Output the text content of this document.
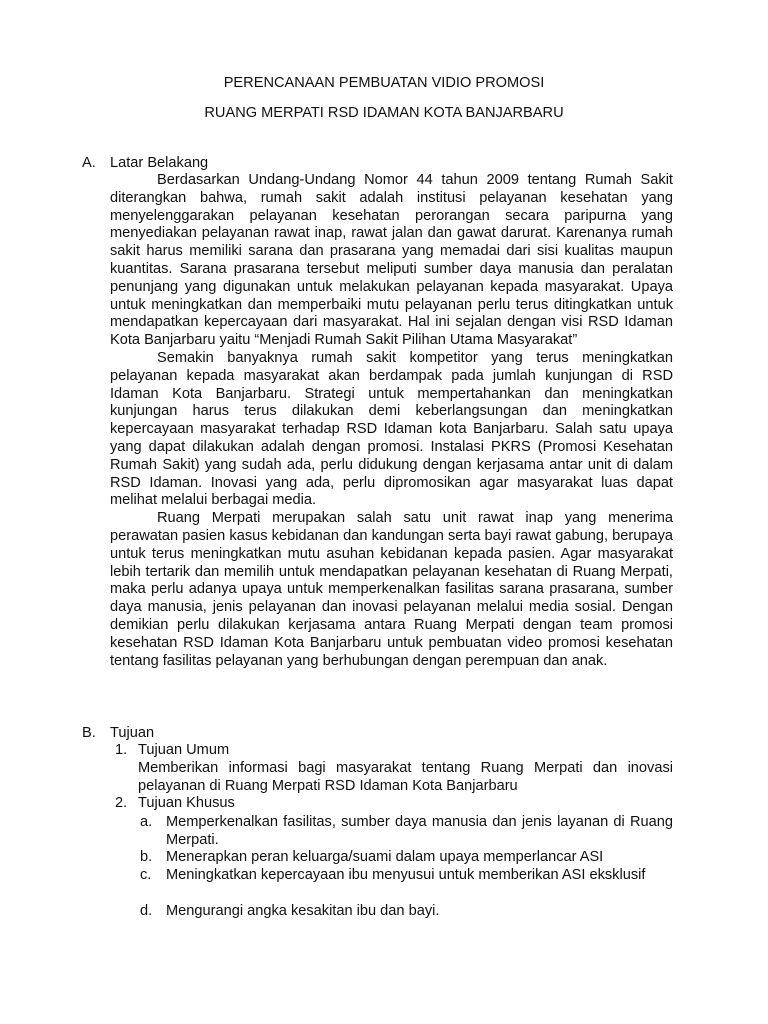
PERENCANAAN PEMBUATAN VIDIO PROMOSI
RUANG MERPATI RSD IDAMAN KOTA BANJARBARU
A. Latar Belakang

Berdasarkan Undang-Undang Nomor 44 tahun 2009 tentang Rumah Sakit diterangkan bahwa, rumah sakit adalah institusi pelayanan kesehatan yang menyelenggarakan pelayanan kesehatan perorangan secara paripurna yang menyediakan pelayanan rawat inap, rawat jalan dan gawat darurat. Karenanya rumah sakit harus memiliki sarana dan prasarana yang memadai dari sisi kualitas maupun kuantitas. Sarana prasarana tersebut meliputi sumber daya manusia dan peralatan penunjang yang digunakan untuk melakukan pelayanan kepada masyarakat. Upaya untuk meningkatkan dan memperbaiki mutu pelayanan perlu terus ditingkatkan untuk mendapatkan kepercayaan dari masyarakat. Hal ini sejalan dengan visi RSD Idaman Kota Banjarbaru yaitu “Menjadi Rumah Sakit Pilihan Utama Masyarakat”

Semakin banyaknya rumah sakit kompetitor yang terus meningkatkan pelayanan kepada masyarakat akan berdampak pada jumlah kunjungan di RSD Idaman Kota Banjarbaru. Strategi untuk mempertahankan dan meningkatkan kunjungan harus terus dilakukan demi keberlangsungan dan meningkatkan kepercayaan masyarakat terhadap RSD Idaman kota Banjarbaru. Salah satu upaya yang dapat dilakukan adalah dengan promosi. Instalasi PKRS (Promosi Kesehatan Rumah Sakit) yang sudah ada, perlu didukung dengan kerjasama antar unit di dalam RSD Idaman. Inovasi yang ada, perlu dipromosikan agar masyarakat luas dapat melihat melalui berbagai media.

Ruang Merpati merupakan salah satu unit rawat inap yang menerima perawatan pasien kasus kebidanan dan kandungan serta bayi rawat gabung, berupaya untuk terus meningkatkan mutu asuhan kebidanan kepada pasien. Agar masyarakat lebih tertarik dan memilih untuk mendapatkan pelayanan kesehatan di Ruang Merpati, maka perlu adanya upaya untuk memperkenalkan fasilitas sarana prasarana, sumber daya manusia, jenis pelayanan dan inovasi pelayanan melalui media sosial. Dengan demikian perlu dilakukan kerjasama antara Ruang Merpati dengan team promosi kesehatan RSD Idaman Kota Banjarbaru untuk pembuatan video promosi kesehatan tentang fasilitas pelayanan yang berhubungan dengan perempuan dan anak.

B. Tujuan
1. Tujuan Umum
Memberikan informasi bagi masyarakat tentang Ruang Merpati dan inovasi pelayanan di Ruang Merpati RSD Idaman Kota Banjarbaru
2. Tujuan Khusus
a. Memperkenalkan fasilitas, sumber daya manusia dan jenis layanan di Ruang Merpati.
b. Menerapkan peran keluarga/suami dalam upaya memperlancar ASI
c. Meningkatkan kepercayaan ibu menyusui untuk memberikan ASI eksklusif
d. Mengurangi angka kesakitan ibu dan bayi.
